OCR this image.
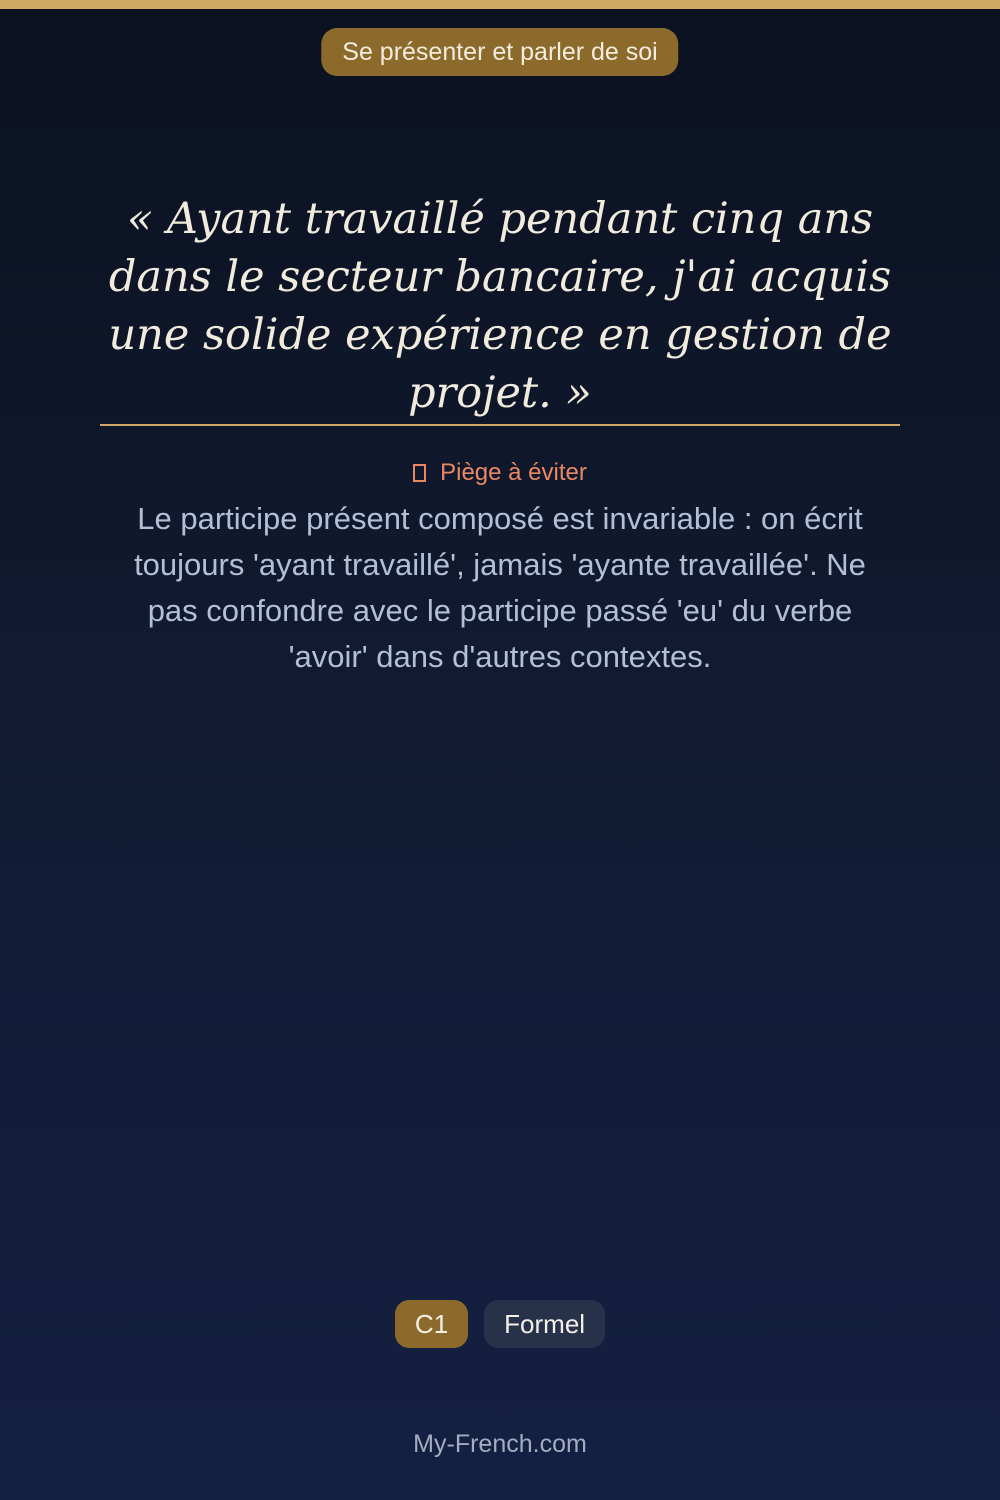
Se présenter et parler de soi

« Ayant travaillé pendant cinq ans dans le secteur bancaire, j'ai acquis une solide expérience en gestion de projet. »

Piège à éviter

Le participe présent composé est invariable : on écrit toujours 'ayant travaillé', jamais 'ayante travaillée'. Ne pas confondre avec le participe passé 'eu' du verbe 'avoir' dans d'autres contextes.

C1	Formel
My-French.com
